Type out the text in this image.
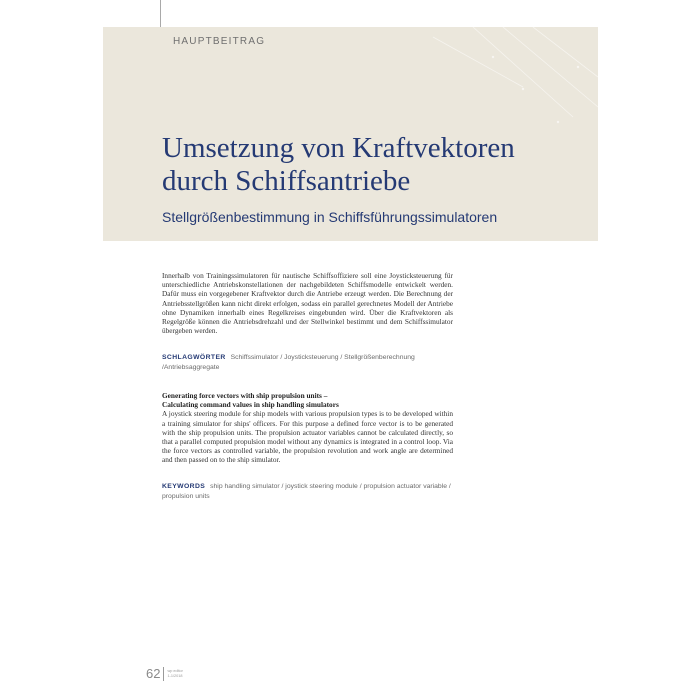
HAUPTBEITRAG
Umsetzung von Kraftvektoren
durch Schiffsantriebe
Stellgrößenbestimmung in Schiffsführungssimulatoren
Innerhalb von Trainingssimulatoren für nautische Schiffsoffiziere soll eine Joysticksteuerung für unterschiedliche Antriebskonstellationen der nachgebildeten Schiffsmodelle entwickelt werden. Dafür muss ein vorgegebener Kraftvektor durch die Antriebe erzeugt werden. Die Berechnung der Antriebsstellgrößen kann nicht direkt erfolgen, sodass ein parallel gerechnetes Modell der Antriebe ohne Dynamiken innerhalb eines Regelkreises eingebunden wird. Über die Kraftvektoren als Regelgröße können die Antriebsdrehzahl und der Stellwinkel bestimmt und dem Schiffssimulator übergeben werden.
SCHLAGWÖRTER Schiffssimulator / Joysticksteuerung / Stellgrößenberechnung /Antriebsaggregate
Generating force vectors with ship propulsion units –
Calculating command values in ship handling simulators
A joystick steering module for ship models with various propulsion types is to be developed within a training simulator for ships' officers. For this purpose a defined force vector is to be generated with the ship propulsion units. The propulsion actuator variables cannot be calculated directly, so that a parallel computed propulsion model without any dynamics is integrated in a control loop. Via the force vectors as controlled variable, the propulsion revolution and work angle are determined and then passed on to the ship simulator.
KEYWORDS ship handling simulator / joystick steering module / propulsion actuator variable / propulsion units
62 wp editor
1-1/2018
